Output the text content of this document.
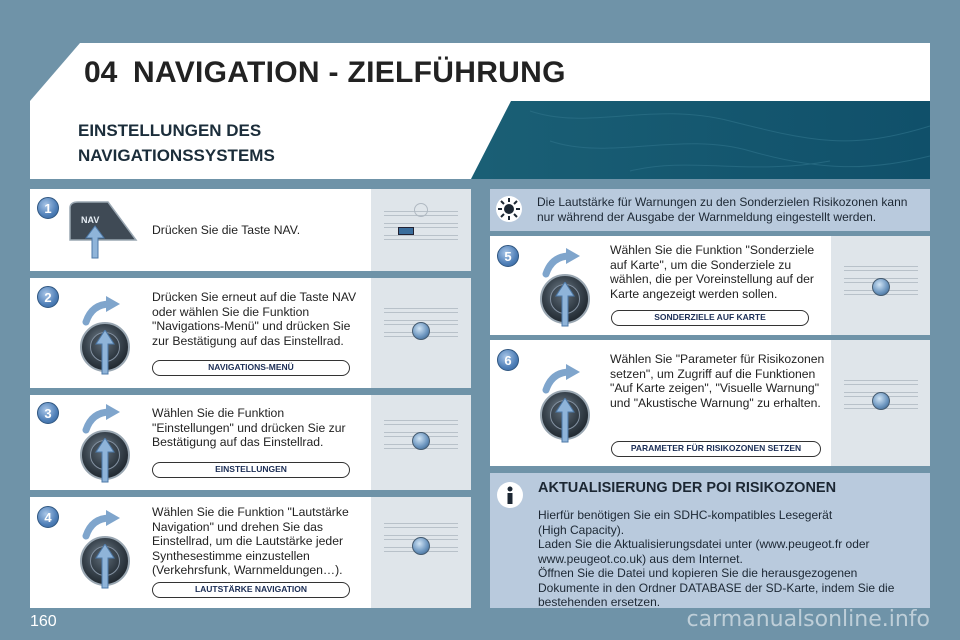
04 NAVIGATION - ZIELFÜHRUNG
EINSTELLUNGEN DES
NAVIGATIONSSYSTEMS
1
NAV
Drücken Sie die Taste NAV.
2	Drücken Sie erneut auf die Taste NAV oder wählen Sie die Funktion "Navigations-Menü" und drücken Sie zur Bestätigung auf das Einstellrad.
NAVIGATIONS-MENÜ
3	Wählen Sie die Funktion "Einstellungen" und drücken Sie zur Bestätigung auf das Einstellrad.
EINSTELLUNGEN
4	Wählen Sie die Funktion "Lautstärke Navigation" und drehen Sie das Einstellrad, um die Lautstärke jeder Synthesestimme einzustellen (Verkehrsfunk, Warnmeldungen…).
LAUTSTÄRKE NAVIGATION
Die Lautstärke für Warnungen zu den Sonderzielen Risikozonen kann nur während der Ausgabe der Warnmeldung eingestellt werden.
5	Wählen Sie die Funktion "Sonderziele auf Karte", um die Sonderziele zu wählen, die per Voreinstellung auf der Karte angezeigt werden sollen.
SONDERZIELE AUF KARTE
6	Wählen Sie "Parameter für Risikozonen setzen", um Zugriff auf die Funktionen "Auf Karte zeigen", "Visuelle Warnung" und "Akustische Warnung" zu erhalten.
PARAMETER FÜR RISIKOZONEN SETZEN
AKTUALISIERUNG DER POI RISIKOZONEN
Hierfür benötigen Sie ein SDHC-kompatibles Lesegerät
(High Capacity).
Laden Sie die Aktualisierungsdatei unter (www.peugeot.fr oder
www.peugeot.co.uk) aus dem Internet.
Öffnen Sie die Datei und kopieren Sie die herausgezogenen
Dokumente in den Ordner DATABASE der SD-Karte, indem Sie die
bestehenden ersetzen.
160	carmanualsonline.info
